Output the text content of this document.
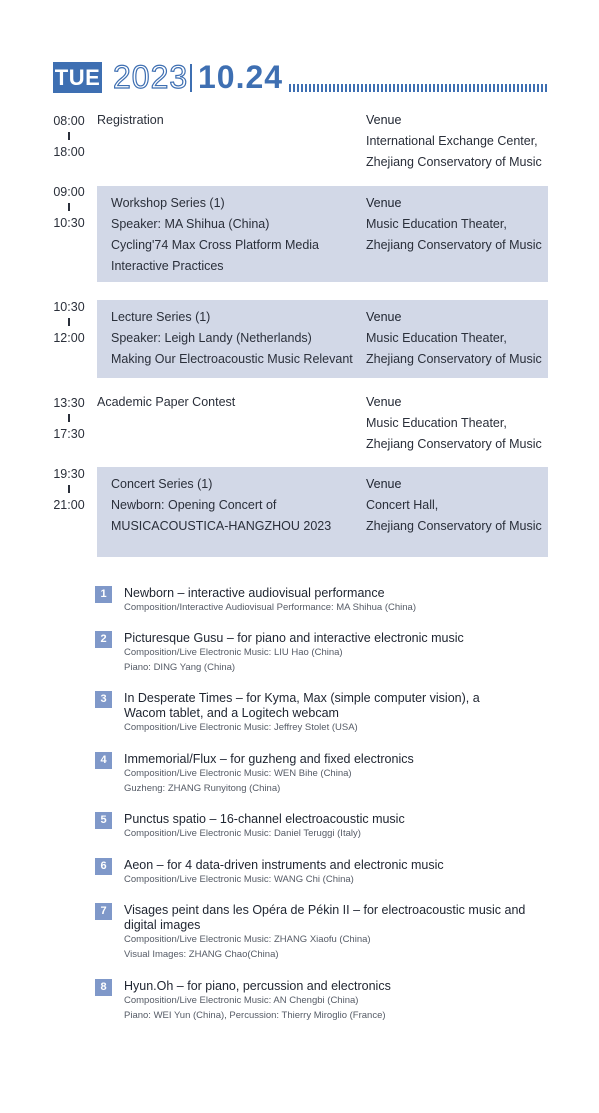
TUE 2023 10.24
08:00
18:00
Registration	Venue
International Exchange Center,
Zhejiang Conservatory of Music
09:00
10:30
Workshop Series (1)
Speaker: MA Shihua (China)
Cycling'74 Max Cross Platform Media
Interactive Practices
Venue
Music Education Theater,
Zhejiang Conservatory of Music
10:30
12:00
Lecture Series (1)
Speaker: Leigh Landy (Netherlands)
Making Our Electroacoustic Music Relevant
Venue
Music Education Theater,
Zhejiang Conservatory of Music
13:30
17:30
Academic Paper Contest	Venue
Music Education Theater,
Zhejiang Conservatory of Music
19:30
21:00
Concert Series (1)
Newborn: Opening Concert of
MUSICACOUSTICA-HANGZHOU 2023
Venue
Concert Hall,
Zhejiang Conservatory of Music
1	Newborn – interactive audiovisual performance
Composition/Interactive Audiovisual Performance: MA Shihua (China)
2	Picturesque Gusu – for piano and interactive electronic music
Composition/Live Electronic Music: LIU Hao (China)
Piano: DING Yang (China)
3	In Desperate Times – for Kyma, Max (simple computer vision), a Wacom tablet, and a Logitech webcam
Composition/Live Electronic Music: Jeffrey Stolet (USA)
4	Immemorial/Flux – for guzheng and fixed electronics
Composition/Live Electronic Music: WEN Bihe (China)
Guzheng: ZHANG Runyitong (China)
5	Punctus spatio – 16-channel electroacoustic music
Composition/Live Electronic Music: Daniel Teruggi (Italy)
6	Aeon – for 4 data-driven instruments and electronic music
Composition/Live Electronic Music: WANG Chi (China)
7	Visages peint dans les Opéra de Pékin II – for electroacoustic music and digital images
Composition/Live Electronic Music: ZHANG Xiaofu (China)
Visual Images: ZHANG Chao(China)
8	Hyun.Oh – for piano, percussion and electronics
Composition/Live Electronic Music: AN Chengbi (China)
Piano: WEI Yun (China), Percussion: Thierry Miroglio (France)
